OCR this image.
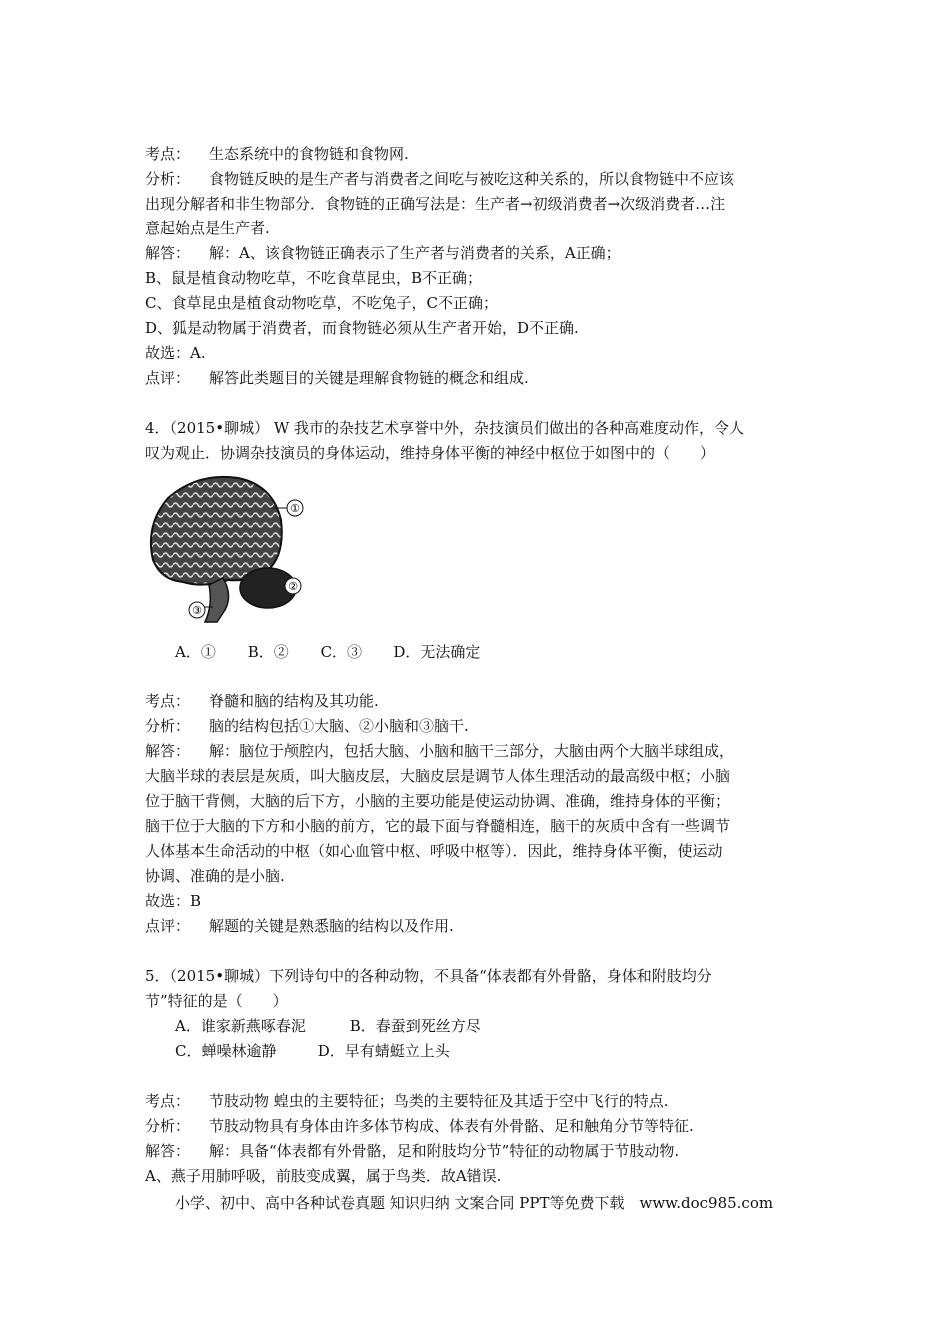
考点： 生态系统中的食物链和食物网.
分析： 食物链反映的是生产者与消费者之间吃与被吃这种关系的，所以食物链中不应该
出现分解者和非生物部分．食物链的正确写法是：生产者→初级消费者→次级消费者…注
意起始点是生产者.
解答： 解：A、该食物链正确表示了生产者与消费者的关系，A正确；
B、鼠是植食动物吃草，不吃食草昆虫，B不正确；
C、食草昆虫是植食动物吃草，不吃兔子，C不正确；
D、狐是动物属于消费者，而食物链必须从生产者开始，D不正确.
故选：A.
点评： 解答此类题目的关键是理解食物链的概念和组成.
4．（2015•聊城） W 我市的杂技艺术享誉中外，杂技演员们做出的各种高难度动作，令人
叹为观止．协调杂技演员的身体运动，维持身体平衡的神经中枢位于如图中的（　　）
①
②
③
A．① B．② C．③ D．无法确定
考点： 脊髓和脑的结构及其功能.
分析： 脑的结构包括①大脑、②小脑和③脑干.
解答： 解：脑位于颅腔内，包括大脑、小脑和脑干三部分，大脑由两个大脑半球组成，
大脑半球的表层是灰质，叫大脑皮层，大脑皮层是调节人体生理活动的最高级中枢；小脑
位于脑干背侧，大脑的后下方，小脑的主要功能是使运动协调、准确，维持身体的平衡；
脑干位于大脑的下方和小脑的前方，它的最下面与脊髓相连，脑干的灰质中含有一些调节
人体基本生命活动的中枢（如心血管中枢、呼吸中枢等）．因此，维持身体平衡，使运动
协调、准确的是小脑.
故选：B
点评： 解题的关键是熟悉脑的结构以及作用.
5．（2015•聊城）下列诗句中的各种动物，不具备“体表都有外骨骼，身体和附肢均分
节”特征的是（　　）
A．谁家新燕啄春泥	B．春蚕到死丝方尽
C．蝉噪林逾静	D．早有蜻蜓立上头
考点： 节肢动物 蝗虫的主要特征；鸟类的主要特征及其适于空中飞行的特点.
分析： 节肢动物具有身体由许多体节构成、体表有外骨骼、足和触角分节等特征.
解答： 解：具备“体表都有外骨骼，足和附肢均分节”特征的动物属于节肢动物.
A、燕子用肺呼吸，前肢变成翼，属于鸟类．故A错误.
小学、初中、高中各种试卷真题 知识归纳 文案合同 PPT等免费下载　www.doc985.com
